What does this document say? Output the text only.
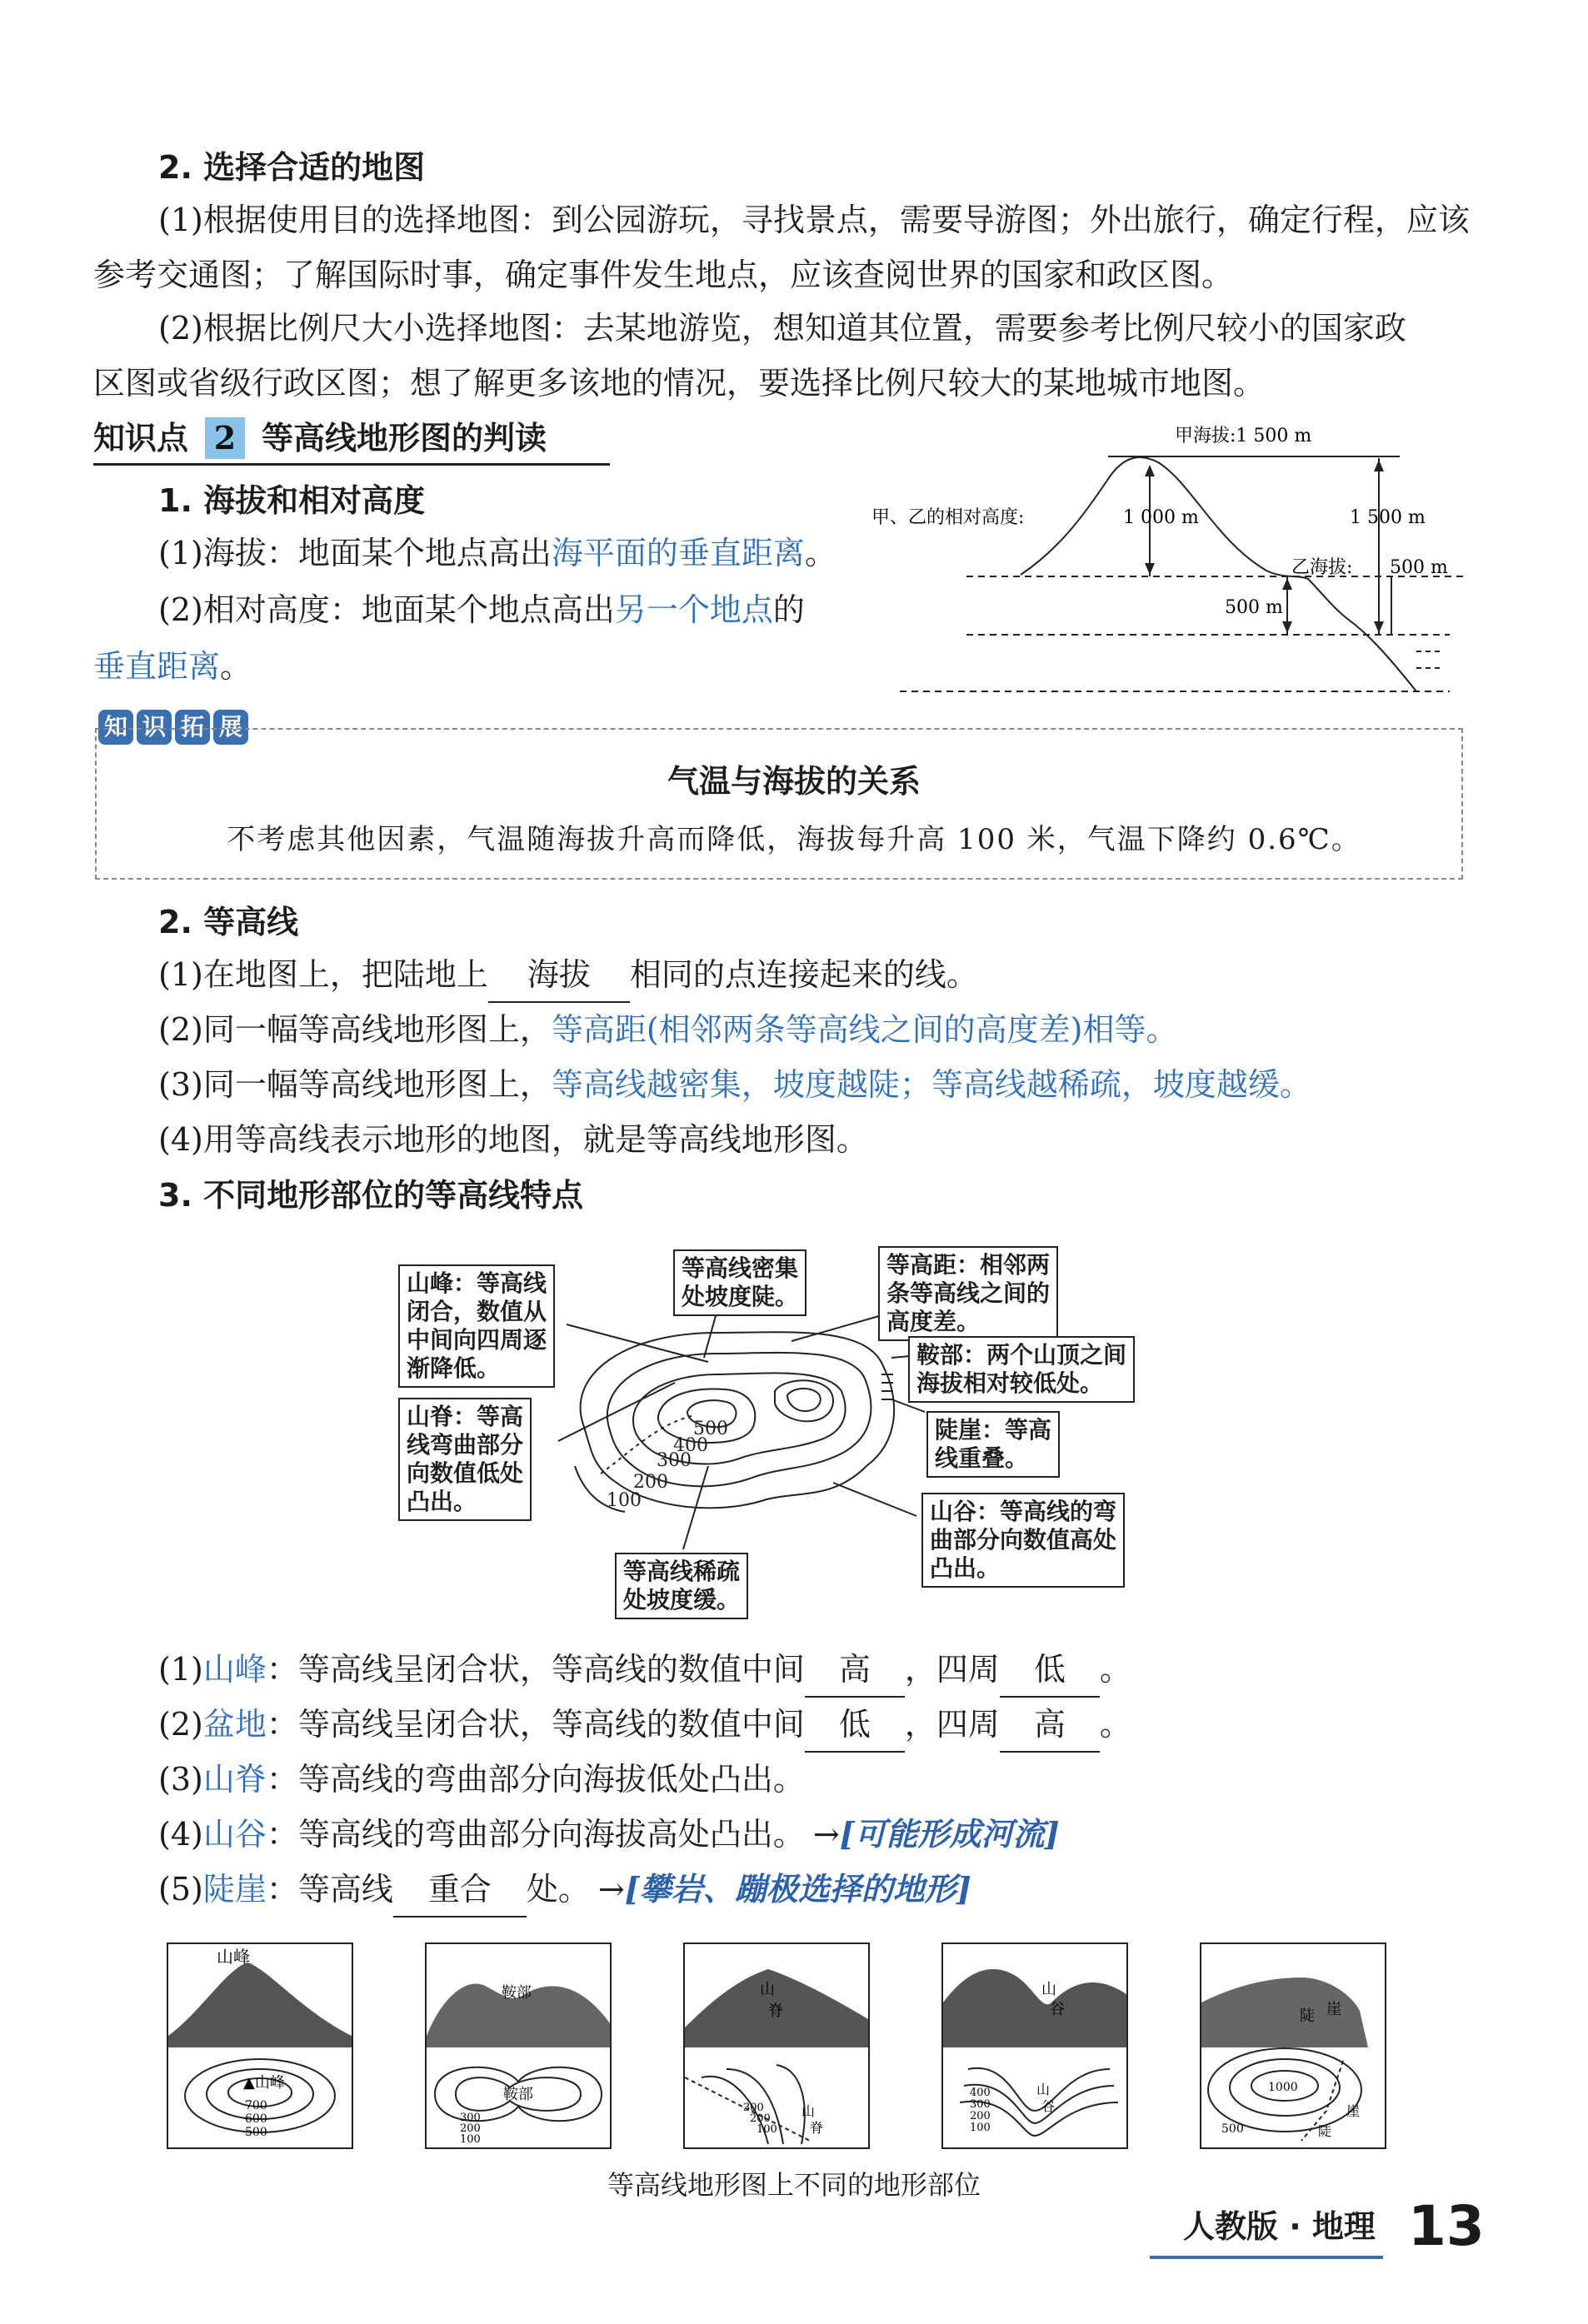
2. 选择合适的地图
(1)根据使用目的选择地图：到公园游玩，寻找景点，需要导游图；外出旅行，确定行程，应该
参考交通图；了解国际时事，确定事件发生地点，应该查阅世界的国家和政区图。
(2)根据比例尺大小选择地图：去某地游览，想知道其位置，需要参考比例尺较小的国家政
区图或省级行政区图；想了解更多该地的情况，要选择比例尺较大的某地城市地图。
知识点 2 等高线地形图的判读
1. 海拔和相对高度
(1)海拔：地面某个地点高出海平面的垂直距离。
(2)相对高度：地面某个地点高出另一个地点的
垂直距离。
甲海拔:1 500 m
甲、乙的相对高度:	1 000 m	1 500 m
乙海拔: 500 m
500 m
知 识 拓 展
气温与海拔的关系
不考虑其他因素，气温随海拔升高而降低，海拔每升高 100 米，气温下降约 0.6℃。
2. 等高线
(1)在地图上，把陆地上 海拔 相同的点连接起来的线。
(2)同一幅等高线地形图上，等高距(相邻两条等高线之间的高度差)相等。
(3)同一幅等高线地形图上，等高线越密集，坡度越陡；等高线越稀疏，坡度越缓。
(4)用等高线表示地形的地图，就是等高线地形图。
3. 不同地形部位的等高线特点
500
400
300
200
100
山峰：等高线
闭合，数值从
中间向四周逐
渐降低。
等高线密集
处坡度陡。
等高距：相邻两
条等高线之间的
高度差。
鞍部：两个山顶之间
海拔相对较低处。
山脊：等高
线弯曲部分
向数值低处
凸出。
陡崖：等高
线重叠。
山谷：等高线的弯
曲部分向数值高处
凸出。
等高线稀疏
处坡度缓。
(1)山峰：等高线呈闭合状，等高线的数值中间 高 ，四周 低 。
(2)盆地：等高线呈闭合状，等高线的数值中间 低 ，四周 高 。
(3)山脊：等高线的弯曲部分向海拔低处凸出。
(4)山谷：等高线的弯曲部分向海拔高处凸出。 →[可能形成河流]
(5)陡崖：等高线 重合 处。 →[攀岩、蹦极选择的地形]
山峰
▲山峰
700
600
500
鞍部
鞍部
300
200
100
山
脊
300
200
100
山
脊
山
谷
400
300
200
100
山
谷
陡 崖
1000
500
崖
陡
等高线地形图上不同的地形部位
人教版 · 地理 13
